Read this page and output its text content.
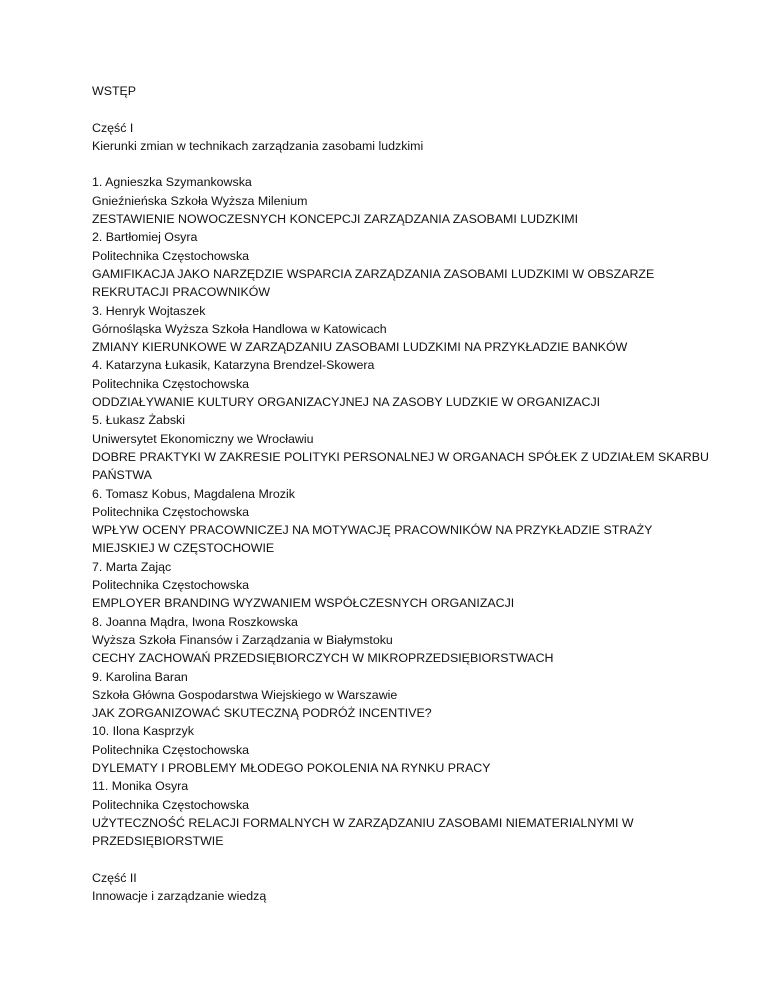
WSTĘP
Część I
Kierunki zmian w technikach zarządzania zasobami ludzkimi
1. Agnieszka Szymankowska
Gnieźnieńska Szkoła Wyższa Milenium
ZESTAWIENIE NOWOCZESNYCH KONCEPCJI ZARZĄDZANIA ZASOBAMI LUDZKIMI
2. Bartłomiej Osyra
Politechnika Częstochowska
GAMIFIKACJA JAKO NARZĘDZIE WSPARCIA ZARZĄDZANIA ZASOBAMI LUDZKIMI W OBSZARZE
REKRUTACJI PRACOWNIKÓW
3. Henryk Wojtaszek
Górnośląska Wyższa Szkoła Handlowa w Katowicach
ZMIANY KIERUNKOWE W ZARZĄDZANIU ZASOBAMI LUDZKIMI NA PRZYKŁADZIE BANKÓW
4. Katarzyna Łukasik, Katarzyna Brendzel-Skowera
Politechnika Częstochowska
ODDZIAŁYWANIE KULTURY ORGANIZACYJNEJ NA ZASOBY LUDZKIE W ORGANIZACJI
5. Łukasz Żabski
Uniwersytet Ekonomiczny we Wrocławiu
DOBRE PRAKTYKI W ZAKRESIE POLITYKI PERSONALNEJ W ORGANACH SPÓŁEK Z UDZIAŁEM SKARBU
PAŃSTWA
6. Tomasz Kobus, Magdalena Mrozik
Politechnika Częstochowska
WPŁYW OCENY PRACOWNICZEJ NA MOTYWACJĘ PRACOWNIKÓW NA PRZYKŁADZIE STRAŻY
MIEJSKIEJ W CZĘSTOCHOWIE
7. Marta Zając
Politechnika Częstochowska
EMPLOYER BRANDING WYZWANIEM WSPÓŁCZESNYCH ORGANIZACJI
8. Joanna Mądra, Iwona Roszkowska
Wyższa Szkoła Finansów i Zarządzania w Białymstoku
CECHY ZACHOWAŃ PRZEDSIĘBIORCZYCH W MIKROPRZEDSIĘBIORSTWACH
9. Karolina Baran
Szkoła Główna Gospodarstwa Wiejskiego w Warszawie
JAK ZORGANIZOWAĆ SKUTECZNĄ PODRÓŻ INCENTIVE?
10. Ilona Kasprzyk
Politechnika Częstochowska
DYLEMATY I PROBLEMY MŁODEGO POKOLENIA NA RYNKU PRACY
11. Monika Osyra
Politechnika Częstochowska
UŻYTECZNOŚĆ RELACJI FORMALNYCH W ZARZĄDZANIU ZASOBAMI NIEMATERIALNYMI W
PRZEDSIĘBIORSTWIE
Część II
Innowacje i zarządzanie wiedzą
